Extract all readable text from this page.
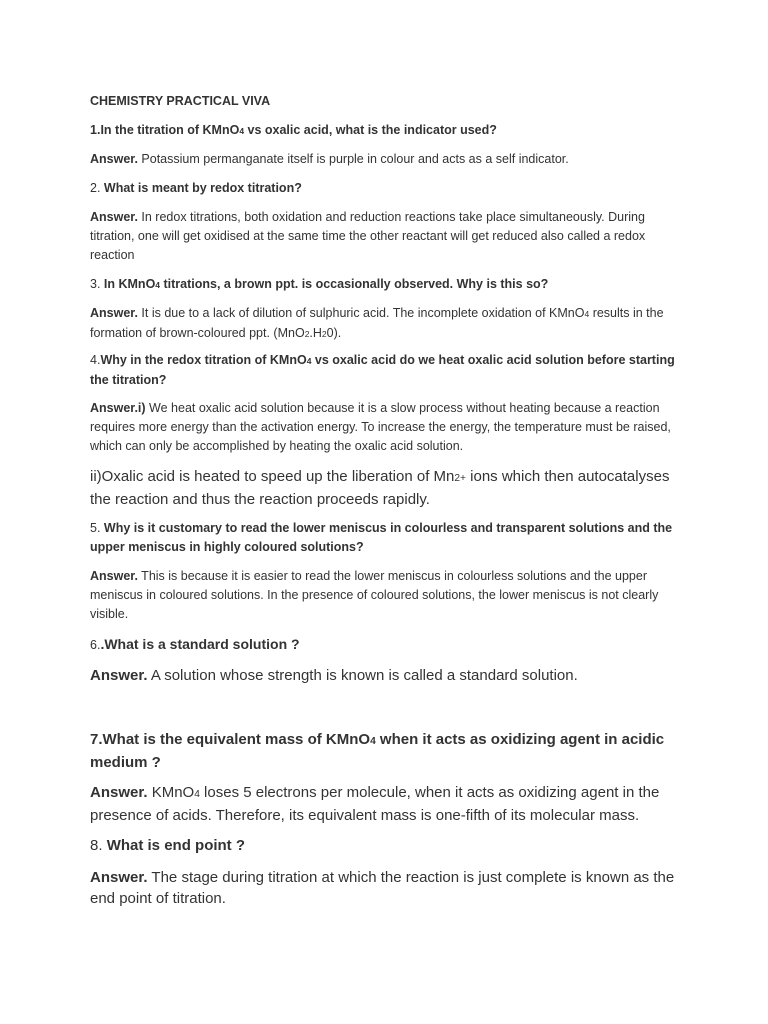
CHEMISTRY PRACTICAL VIVA
1.In the titration of KMnO4 vs oxalic acid, what is the indicator used?
Answer. Potassium permanganate itself is purple in colour and acts as a self indicator.
2. What is meant by redox titration?
Answer. In redox titrations, both oxidation and reduction reactions take place simultaneously. During titration, one will get oxidised at the same time the other reactant will get reduced also called a redox reaction
3. In KMnO4 titrations, a brown ppt. is occasionally observed. Why is this so?
Answer. It is due to a lack of dilution of sulphuric acid. The incomplete oxidation of KMnO4 results in the formation of brown-coloured ppt. (MnO2.H20).
4.Why in the redox titration of KMnO4 vs oxalic acid do we heat oxalic acid solution before starting the titration?
Answer.i) We heat oxalic acid solution because it is a slow process without heating because a reaction requires more energy than the activation energy. To increase the energy, the temperature must be raised, which can only be accomplished by heating the oxalic acid solution.
ii)Oxalic acid is heated to speed up the liberation of Mn2+ ions which then autocatalyses the reaction and thus the reaction proceeds rapidly.
5. Why is it customary to read the lower meniscus in colourless and transparent solutions and the upper meniscus in highly coloured solutions?
Answer. This is because it is easier to read the lower meniscus in colourless solutions and the upper meniscus in coloured solutions. In the presence of coloured solutions, the lower meniscus is not clearly visible.
6..What is a standard solution ?
Answer. A solution whose strength is known is called a standard solution.
7.What is the equivalent mass of KMnO4 when it acts as oxidizing agent in acidic medium ?
Answer. KMnO4 loses 5 electrons per molecule, when it acts as oxidizing agent in the presence of acids. Therefore, its equivalent mass is one-fifth of its molecular mass.
8. What is end point ?
Answer. The stage during titration at which the reaction is just complete is known as the end point of titration.
